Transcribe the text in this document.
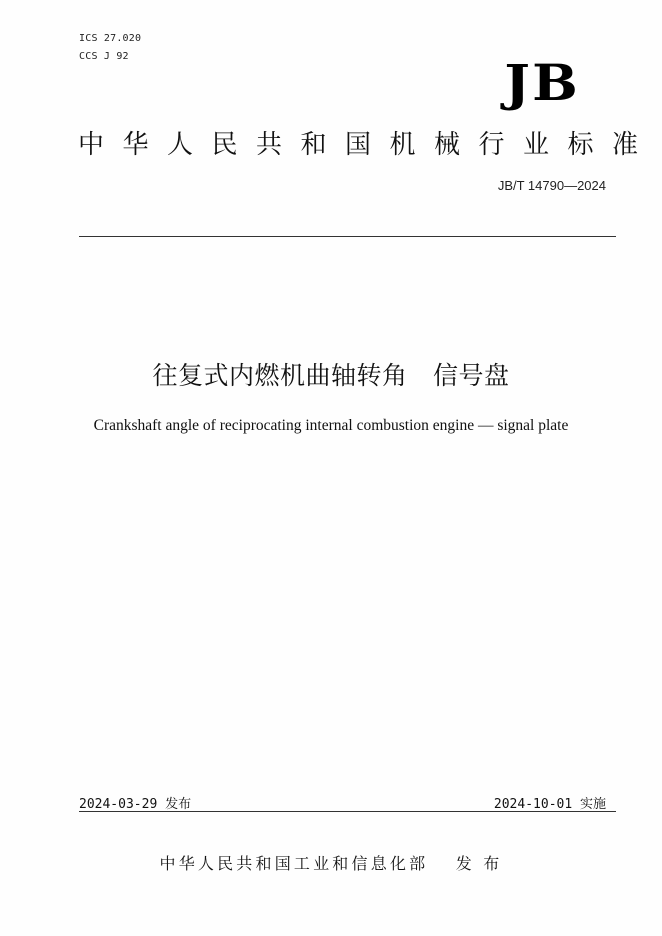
ICS 27.020
CCS J 92	JB
中华人民共和国机械行业标准
JB/T 14790—2024
往复式内燃机曲轴转角　信号盘
Crankshaft angle of reciprocating internal combustion engine — signal plate
2024-03-29 发布	2024-10-01 实施
中华人民共和国工业和信息化部　 发 布
